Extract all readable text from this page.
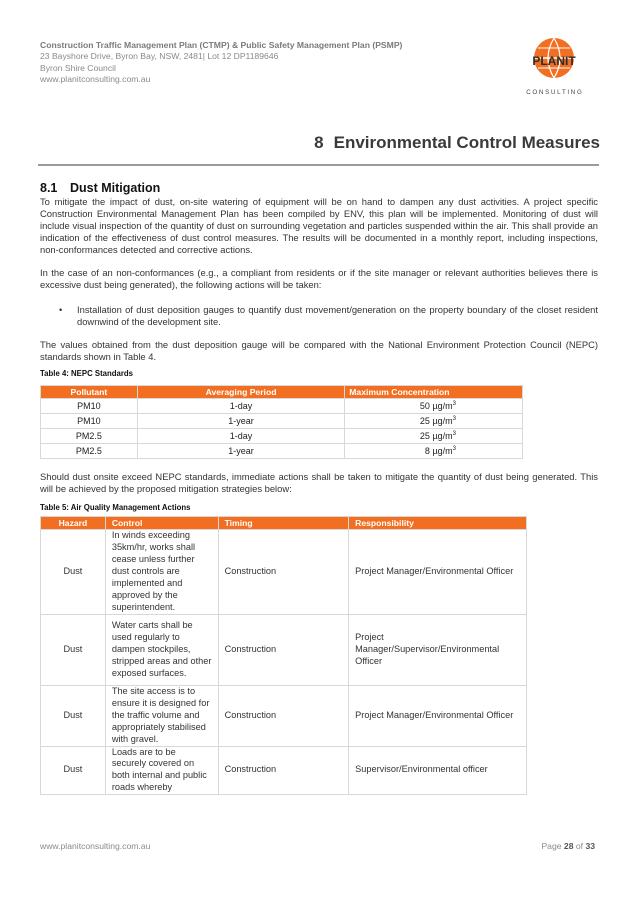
Construction Traffic Management Plan (CTMP) & Public Safety Management Plan (PSMP)
23 Bayshore Drive, Byron Bay, NSW, 2481| Lot 12 DP1189646
Byron Shire Council
www.planitconsulting.com.au
PLANIT
C O N S U L T I N G
8 Environmental Control Measures
8.1 Dust Mitigation

To mitigate the impact of dust, on-site watering of equipment will be on hand to dampen any dust activities. A project specific Construction Environmental Management Plan has been compiled by ENV, this plan will be implemented. Monitoring of dust will include visual inspection of the quantity of dust on surrounding vegetation and particles suspended within the air. This shall provide an indication of the effectiveness of dust control measures. The results will be documented in a monthly report, including inspections, non-conformances detected and corrective actions.

In the case of an non-conformances (e.g., a compliant from residents or if the site manager or relevant authorities believes there is excessive dust being generated), the following actions will be taken:

• Installation of dust deposition gauges to quantify dust movement/generation on the property boundary of the closet resident downwind of the development site.

The values obtained from the dust deposition gauge will be compared with the National Environment Protection Council (NEPC) standards shown in Table 4.

Table 4: NEPC Standards
Pollutant	Averaging Period	Maximum Concentration
PM10	1-day	50 $\mu g/m^3$
PM10	1-year	25 $\mu g/m^3$
PM2.5	1-day	25 $\mu g/m^3$
PM2.5	1-year	8 $\mu g/m^3$

Should dust onsite exceed NEPC standards, immediate actions shall be taken to mitigate the quantity of dust being generated. This will be achieved by the proposed mitigation strategies below:

Table 5: Air Quality Management Actions
Hazard	Control	Timing	Responsibility
Dust	In winds exceeding 35km/hr, works shall cease unless further dust controls are implemented and approved by the superintendent.	Construction	Project Manager/Environmental Officer
Dust	Water carts shall be used regularly to dampen stockpiles, stripped areas and other exposed surfaces.	Construction	Project Manager/Supervisor/Environmental Officer
Dust	The site access is to ensure it is designed for the traffic volume and appropriately stabilised with gravel.	Construction	Project Manager/Environmental Officer
Dust	Loads are to be securely covered on both internal and public roads whereby	Construction	Supervisor/Environmental officer
www.planitconsulting.com.au	Page 28 of 33
